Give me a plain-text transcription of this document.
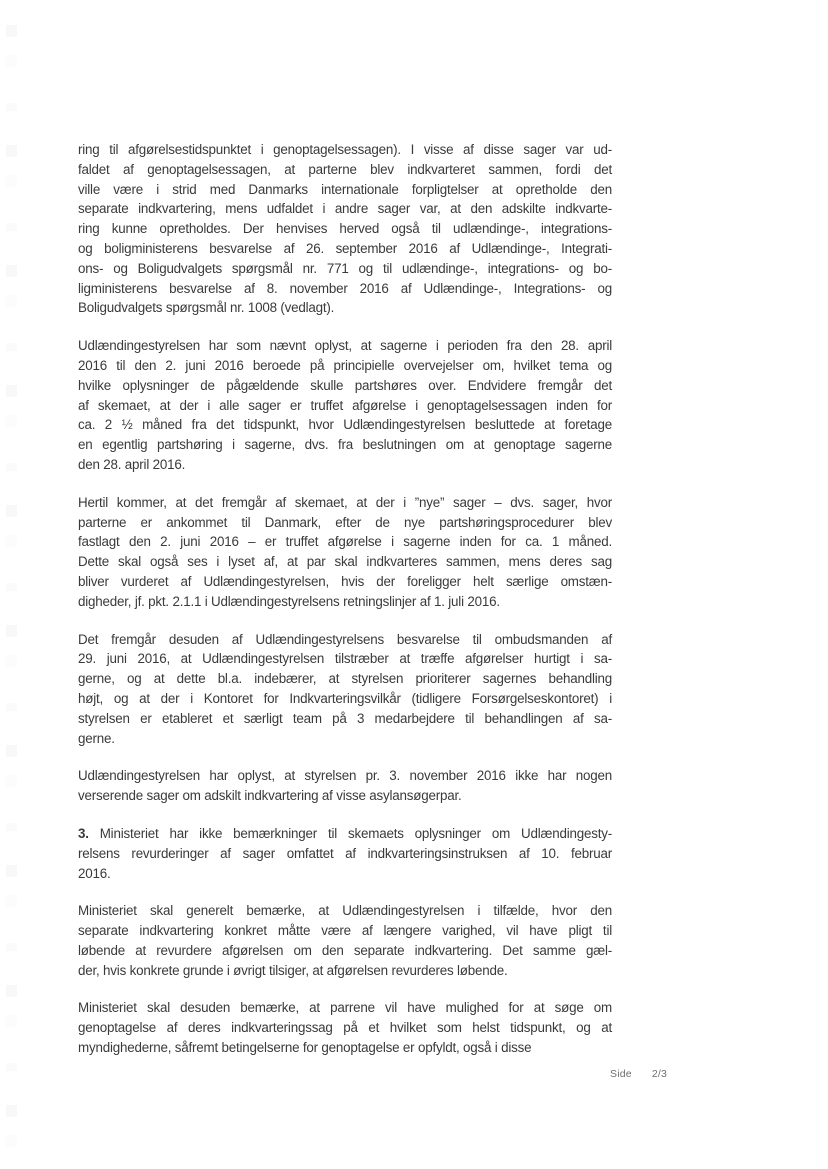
ring til afgørelsestidspunktet i genoptagelsessagen). I visse af disse sager var ud-
faldet af genoptagelsessagen, at parterne blev indkvarteret sammen, fordi det
ville være i strid med Danmarks internationale forpligtelser at opretholde den
separate indkvartering, mens udfaldet i andre sager var, at den adskilte indkvarte-
ring kunne opretholdes. Der henvises herved også til udlændinge-, integrations-
og boligministerens besvarelse af 26. september 2016 af Udlændinge-, Integrati-
ons- og Boligudvalgets spørgsmål nr. 771 og til udlændinge-, integrations- og bo-
ligministerens besvarelse af 8. november 2016 af Udlændinge-, Integrations- og
Boligudvalgets spørgsmål nr. 1008 (vedlagt).
Udlændingestyrelsen har som nævnt oplyst, at sagerne i perioden fra den 28. april
2016 til den 2. juni 2016 beroede på principielle overvejelser om, hvilket tema og
hvilke oplysninger de pågældende skulle partshøres over. Endvidere fremgår det
af skemaet, at der i alle sager er truffet afgørelse i genoptagelsessagen inden for
ca. 2 ½ måned fra det tidspunkt, hvor Udlændingestyrelsen besluttede at foretage
en egentlig partshøring i sagerne, dvs. fra beslutningen om at genoptage sagerne
den 28. april 2016.
Hertil kommer, at det fremgår af skemaet, at der i ”nye” sager – dvs. sager, hvor
parterne er ankommet til Danmark, efter de nye partshøringsprocedurer blev
fastlagt den 2. juni 2016 – er truffet afgørelse i sagerne inden for ca. 1 måned.
Dette skal også ses i lyset af, at par skal indkvarteres sammen, mens deres sag
bliver vurderet af Udlændingestyrelsen, hvis der foreligger helt særlige omstæn-
digheder, jf. pkt. 2.1.1 i Udlændingestyrelsens retningslinjer af 1. juli 2016.
Det fremgår desuden af Udlændingestyrelsens besvarelse til ombudsmanden af
29. juni 2016, at Udlændingestyrelsen tilstræber at træffe afgørelser hurtigt i sa-
gerne, og at dette bl.a. indebærer, at styrelsen prioriterer sagernes behandling
højt, og at der i Kontoret for Indkvarteringsvilkår (tidligere Forsørgelseskontoret) i
styrelsen er etableret et særligt team på 3 medarbejdere til behandlingen af sa-
gerne.
Udlændingestyrelsen har oplyst, at styrelsen pr. 3. november 2016 ikke har nogen
verserende sager om adskilt indkvartering af visse asylansøgerpar.
3. Ministeriet har ikke bemærkninger til skemaets oplysninger om Udlændingesty-
relsens revurderinger af sager omfattet af indkvarteringsinstruksen af 10. februar
2016.
Ministeriet skal generelt bemærke, at Udlændingestyrelsen i tilfælde, hvor den
separate indkvartering konkret måtte være af længere varighed, vil have pligt til
løbende at revurdere afgørelsen om den separate indkvartering. Det samme gæl-
der, hvis konkrete grunde i øvrigt tilsiger, at afgørelsen revurderes løbende.
Ministeriet skal desuden bemærke, at parrene vil have mulighed for at søge om
genoptagelse af deres indkvarteringssag på et hvilket som helst tidspunkt, og at
myndighederne, såfremt betingelserne for genoptagelse er opfyldt, også i disse
Side 2/3
